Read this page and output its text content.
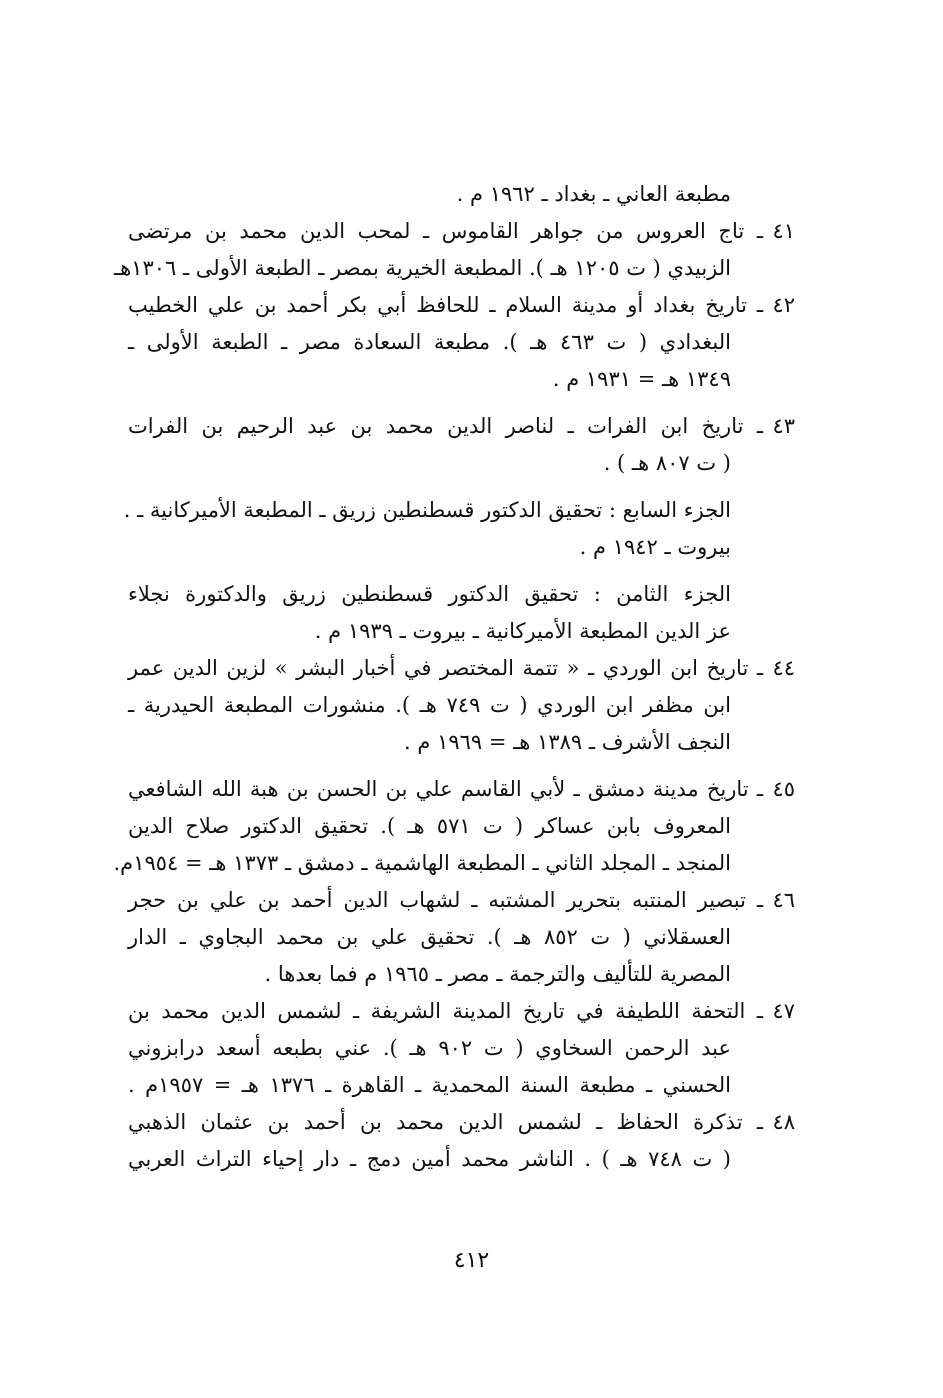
مطبعة العاني ـ بغداد ـ ١٩٦٢ م .
٤١
ـ تاج العروس من جواهر القاموس ـ لمحب الدين محمد بن مرتضى
الزبيدي ( ت ١٢٠٥ هـ ). المطبعة الخيرية بمصر ـ الطبعة الأولى ـ ١٣٠٦هـ
٤٢
ـ تاريخ بغداد أو مدينة السلام ـ للحافظ أبي بكر أحمد بن علي الخطيب
البغدادي ( ت ٤٦٣ هـ ). مطبعة السعادة مصر ـ الطبعة الأولى ـ
١٣٤٩ هـ = ١٩٣١ م .
٤٣
ـ تاريخ ابن الفرات ـ لناصر الدين محمد بن عبد الرحيم بن الفرات
( ت ٨٠٧ هـ ) .
الجزء السابع : تحقيق الدكتور قسطنطين زريق ـ المطبعة الأميركانية ـ .
بيروت ـ ١٩٤٢ م .
الجزء الثامن : تحقيق الدكتور قسطنطين زريق والدكتورة نجلاء
عز الدين المطبعة الأميركانية ـ بيروت ـ ١٩٣٩ م .
٤٤
ـ تاريخ ابن الوردي ـ « تتمة المختصر في أخبار البشر » لزين الدين عمر
ابن مظفر ابن الوردي ( ت ٧٤٩ هـ ). منشورات المطبعة الحيدرية ـ
النجف الأشرف ـ ١٣٨٩ هـ = ١٩٦٩ م .
٤٥
ـ تاريخ مدينة دمشق ـ لأبي القاسم علي بن الحسن بن هبة الله الشافعي
المعروف بابن عساكر ( ت ٥٧١ هـ ). تحقيق الدكتور صلاح الدين
المنجد ـ المجلد الثاني ـ المطبعة الهاشمية ـ دمشق ـ ١٣٧٣ هـ = ١٩٥٤م.
٤٦
ـ تبصير المنتبه بتحرير المشتبه ـ لشهاب الدين أحمد بن علي بن حجر
العسقلاني ( ت ٨٥٢ هـ ). تحقيق علي بن محمد البجاوي ـ الدار
المصرية للتأليف والترجمة ـ مصر ـ ١٩٦٥ م فما بعدها .
٤٧
ـ التحفة اللطيفة في تاريخ المدينة الشريفة ـ لشمس الدين محمد بن
عبد الرحمن السخاوي ( ت ٩٠٢ هـ ). عني بطبعه أسعد درابزوني
الحسني ـ مطبعة السنة المحمدية ـ القاهرة ـ ١٣٧٦ هـ = ١٩٥٧م .
٤٨
ـ تذكرة الحفاظ ـ لشمس الدين محمد بن أحمد بن عثمان الذهبي
( ت ٧٤٨ هـ ) . الناشر محمد أمين دمج ـ دار إحياء التراث العربي
٤١٢
